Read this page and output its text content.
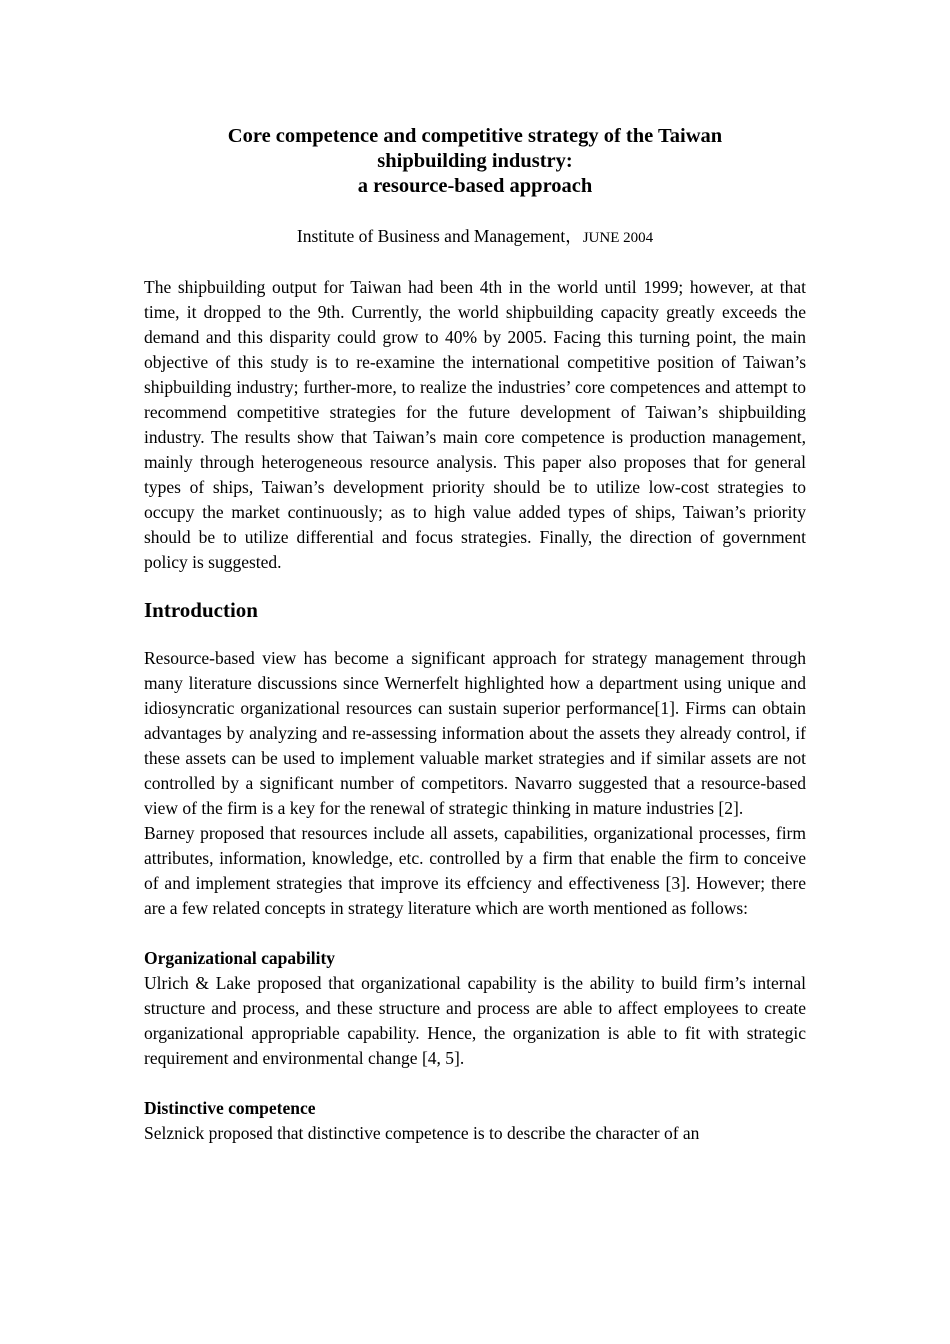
Core competence and competitive strategy of the Taiwan
shipbuilding industry:
a resource-based approach
Institute of Business and Management，JUNE 2004

The shipbuilding output for Taiwan had been 4th in the world until 1999; however, at that time, it dropped to the 9th. Currently, the world shipbuilding capacity greatly exceeds the demand and this disparity could grow to 40% by 2005. Facing this turning point, the main objective of this study is to re-examine the international competitive position of Taiwan’s shipbuilding industry; further-more, to realize the industries’ core competences and attempt to recommend competitive strategies for the future development of Taiwan’s shipbuilding industry. The results show that Taiwan’s main core competence is production management, mainly through heterogeneous resource analysis. This paper also proposes that for general types of ships, Taiwan’s development priority should be to utilize low-cost strategies to occupy the market continuously; as to high value added types of ships, Taiwan’s priority should be to utilize differential and focus strategies. Finally, the direction of government policy is suggested.

Introduction

Resource-based view has become a significant approach for strategy management through many literature discussions since Wernerfelt highlighted how a department using unique and idiosyncratic organizational resources can sustain superior performance[1]. Firms can obtain advantages by analyzing and re-assessing information about the assets they already control, if these assets can be used to implement valuable market strategies and if similar assets are not controlled by a significant number of competitors. Navarro suggested that a resource-based view of the firm is a key for the renewal of strategic thinking in mature industries [2].

Barney proposed that resources include all assets, capabilities, organizational processes, firm attributes, information, knowledge, etc. controlled by a firm that enable the firm to conceive of and implement strategies that improve its effciency and effectiveness [3]. However; there are a few related concepts in strategy literature which are worth mentioned as follows:

Organizational capability

Ulrich & Lake proposed that organizational capability is the ability to build firm’s internal structure and process, and these structure and process are able to affect employees to create organizational appropriable capability. Hence, the organization is able to fit with strategic requirement and environmental change [4, 5].

Distinctive competence

Selznick proposed that distinctive competence is to describe the character of an
